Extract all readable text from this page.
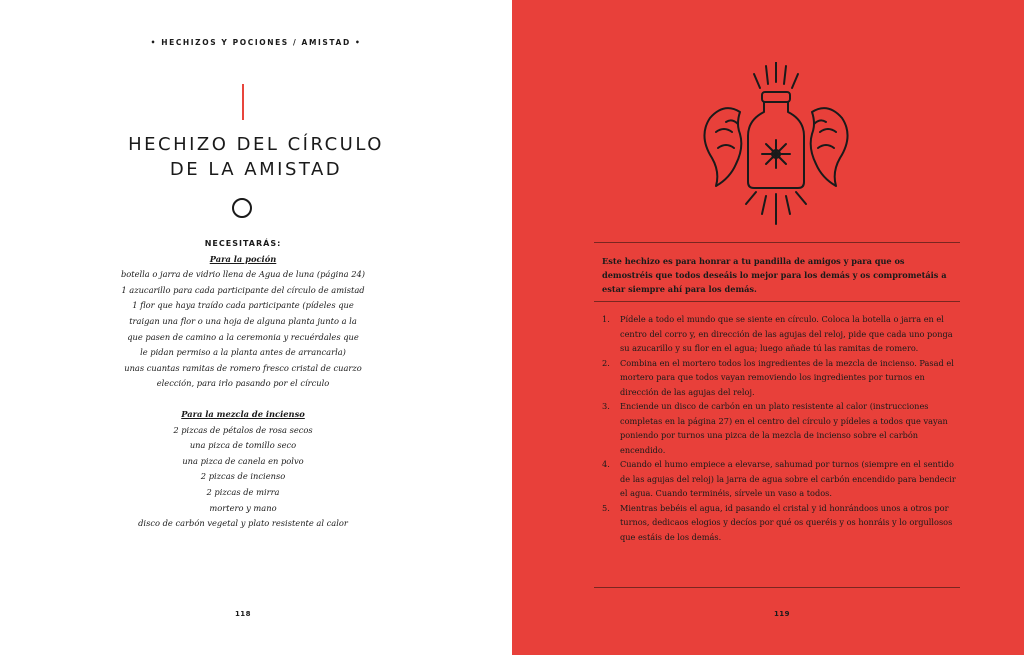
• HECHIZOS Y POCIONES / AMISTAD •
HECHIZO DEL CÍRCULO
DE LA AMISTAD
NECESITARÁS:
Para la poción
botella o jarra de vidrio llena de Agua de luna (página 24)
1 azucarillo para cada participante del círculo de amistad
1 flor que haya traído cada participante (pídeles que
traigan una flor o una hoja de alguna planta junto a la
que pasen de camino a la ceremonia y recuérdales que
le pidan permiso a la planta antes de arrancarla)
unas cuantas ramitas de romero fresco cristal de cuarzo
elección, para irlo pasando por el círculo
Para la mezcla de incienso
2 pizcas de pétalos de rosa secos
una pizca de tomillo seco
una pizca de canela en polvo
2 pizcas de incienso
2 pizcas de mirra
mortero y mano
disco de carbón vegetal y plato resistente al calor
118
Este hechizo es para honrar a tu pandilla de amigos y para que os demostréis que todos deseáis lo mejor para los demás y os comprometáis a estar siempre ahí para los demás.
1.	Pídele a todo el mundo que se siente en círculo. Coloca la botella o jarra en el centro del corro y, en dirección de las agujas del reloj, pide que cada uno ponga su azucarillo y su flor en el agua; luego añade tú las ramitas de romero.
2.	Combina en el mortero todos los ingredientes de la mezcla de incienso. Pasad el mortero para que todos vayan removiendo los ingredientes por turnos en dirección de las agujas del reloj.
3.	Enciende un disco de carbón en un plato resistente al calor (instrucciones completas en la página 27) en el centro del círculo y pídeles a todos que vayan poniendo por turnos una pizca de la mezcla de incienso sobre el carbón encendido.
4.	Cuando el humo empiece a elevarse, sahumad por turnos (siempre en el sentido de las agujas del reloj) la jarra de agua sobre el carbón encendido para bendecir el agua. Cuando terminéis, sírvele un vaso a todos.
5.	Mientras bebéis el agua, id pasando el cristal y id honrándoos unos a otros por turnos, dedicaos elogios y decíos por qué os queréis y os honráis y lo orgullosos que estáis de los demás.
119
